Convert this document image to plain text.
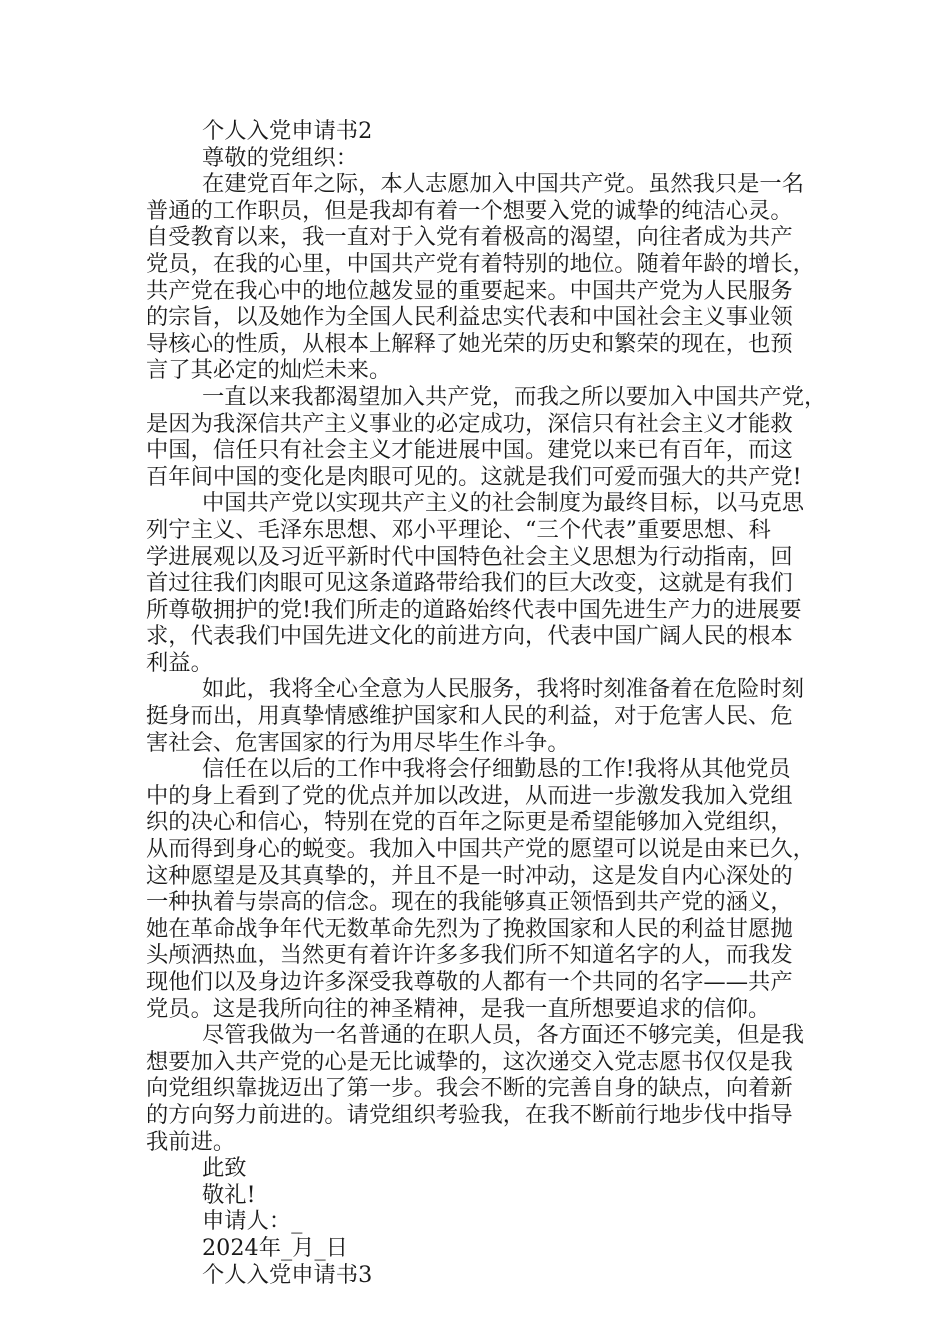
个人入党申请书2
尊敬的党组织：
在建党百年之际，本人志愿加入中国共产党。虽然我只是一名
普通的工作职员，但是我却有着一个想要入党的诚挚的纯洁心灵。
自受教育以来，我一直对于入党有着极高的渴望，向往者成为共产
党员，在我的心里，中国共产党有着特别的地位。随着年龄的增长，
共产党在我心中的地位越发显的重要起来。中国共产党为人民服务
的宗旨，以及她作为全国人民利益忠实代表和中国社会主义事业领
导核心的性质，从根本上解释了她光荣的历史和繁荣的现在，也预
言了其必定的灿烂未来。
一直以来我都渴望加入共产党，而我之所以要加入中国共产党，
是因为我深信共产主义事业的必定成功，深信只有社会主义才能救
中国，信任只有社会主义才能进展中国。建党以来已有百年，而这
百年间中国的变化是肉眼可见的。这就是我们可爱而强大的共产党!
中国共产党以实现共产主义的社会制度为最终目标，以马克思
列宁主义、毛泽东思想、邓小平理论、“三个代表”重要思想、科
学进展观以及习近平新时代中国特色社会主义思想为行动指南，回
首过往我们肉眼可见这条道路带给我们的巨大改变，这就是有我们
所尊敬拥护的党!我们所走的道路始终代表中国先进生产力的进展要
求，代表我们中国先进文化的前进方向，代表中国广阔人民的根本
利益。
如此，我将全心全意为人民服务，我将时刻准备着在危险时刻
挺身而出，用真挚情感维护国家和人民的利益，对于危害人民、危
害社会、危害国家的行为用尽毕生作斗争。
信任在以后的工作中我将会仔细勤恳的工作!我将从其他党员
中的身上看到了党的优点并加以改进，从而进一步激发我加入党组
织的决心和信心，特别在党的百年之际更是希望能够加入党组织，
从而得到身心的蜕变。我加入中国共产党的愿望可以说是由来已久，
这种愿望是及其真挚的，并且不是一时冲动，这是发自内心深处的
一种执着与崇高的信念。现在的我能够真正领悟到共产党的涵义，
她在革命战争年代无数革命先烈为了挽救国家和人民的利益甘愿抛
头颅洒热血，当然更有着许许多多我们所不知道名字的人，而我发
现他们以及身边许多深受我尊敬的人都有一个共同的名字——共产
党员。这是我所向往的神圣精神，是我一直所想要追求的信仰。
尽管我做为一名普通的在职人员，各方面还不够完美，但是我
想要加入共产党的心是无比诚挚的，这次递交入党志愿书仅仅是我
向党组织靠拢迈出了第一步。我会不断的完善自身的缺点，向着新
的方向努力前进的。请党组织考验我，在我不断前行地步伐中指导
我前进。
此致
敬礼!
申请人：_
2024年_月_日
个人入党申请书3
